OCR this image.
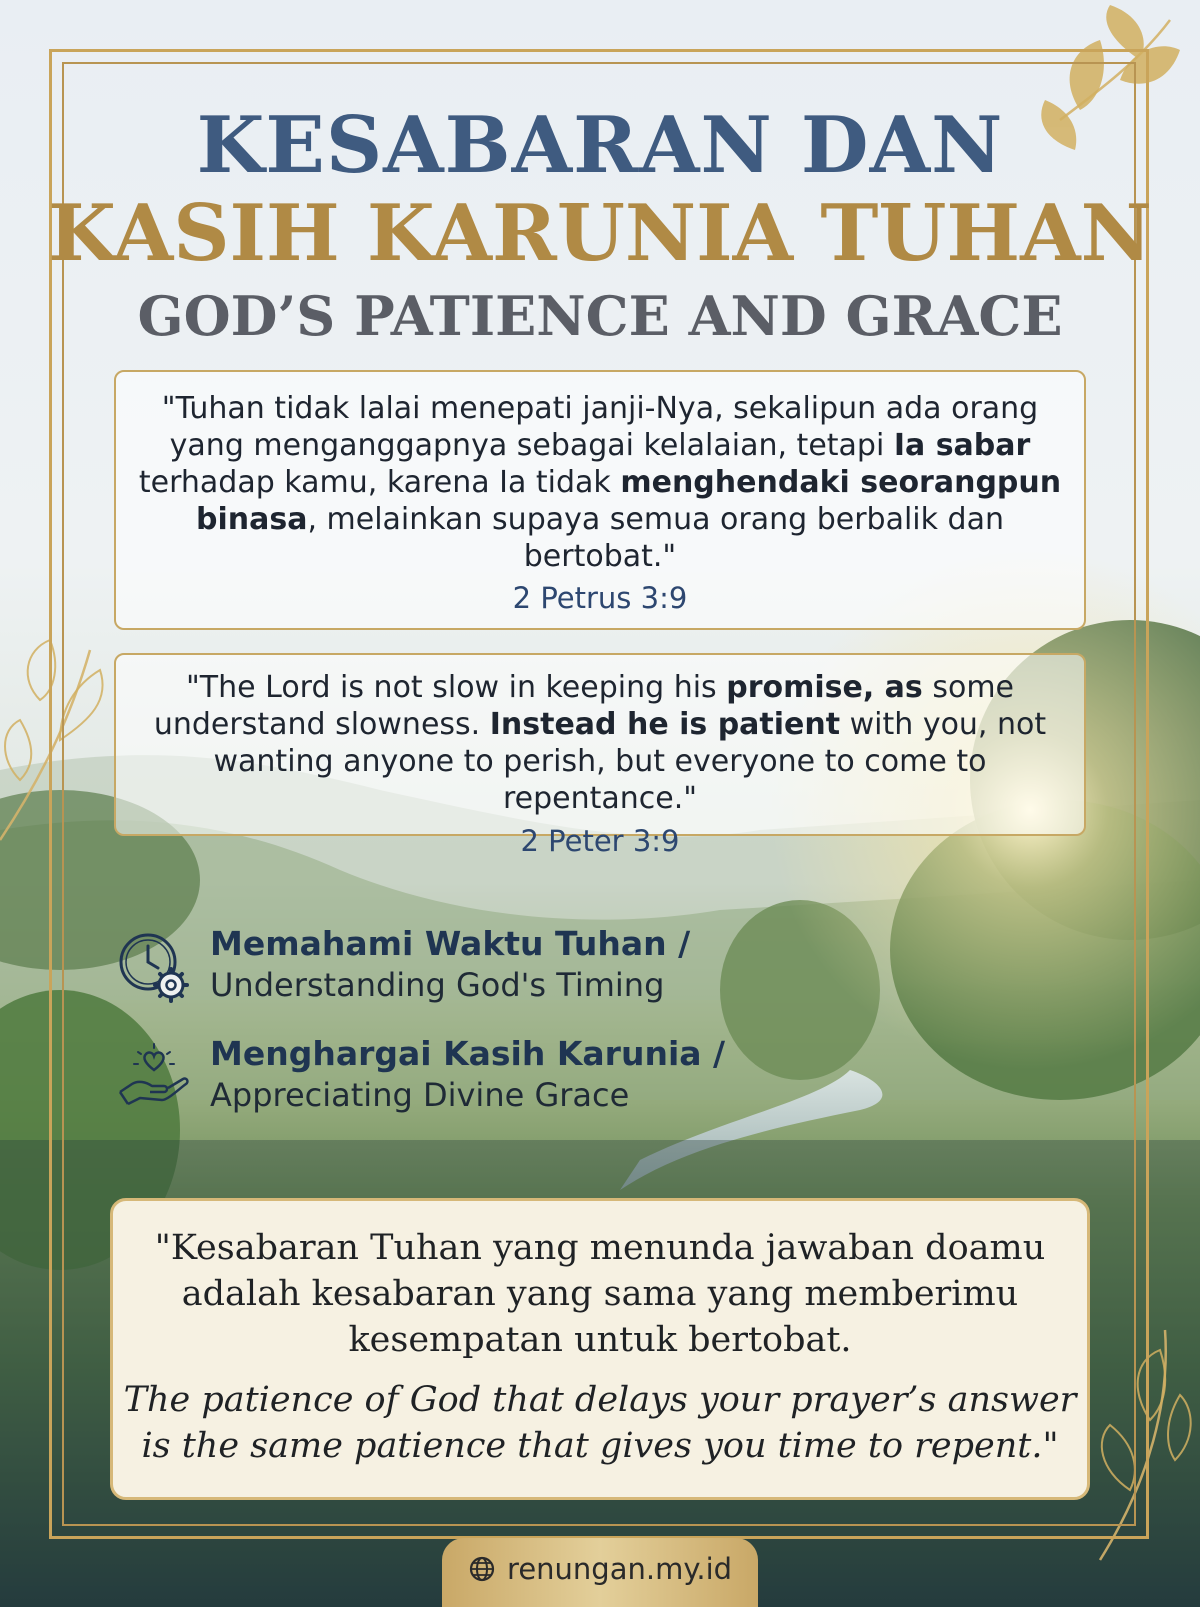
KESABARAN DAN
KASIH KARUNIA TUHAN
GOD’S PATIENCE AND GRACE
"Tuhan tidak lalai menepati janji-Nya, sekalipun ada orang yang menganggapnya sebagai kelalaian, tetapi Ia sabar terhadap kamu, karena Ia tidak menghendaki seorangpun binasa, melainkan supaya semua orang berbalik dan bertobat."
2 Petrus 3:9
"The Lord is not slow in keeping his promise, as some understand slowness. Instead he is patient with you, not wanting anyone to perish, but everyone to come to repentance."
2 Peter 3:9
Memahami Waktu Tuhan /
Understanding God's Timing
Menghargai Kasih Karunia /
Appreciating Divine Grace
"Kesabaran Tuhan yang menunda jawaban doamu adalah kesabaran yang sama yang memberimu kesempatan untuk bertobat.
The patience of God that delays your prayer’s answer is the same patience that gives you time to repent."
renungan.my.id
